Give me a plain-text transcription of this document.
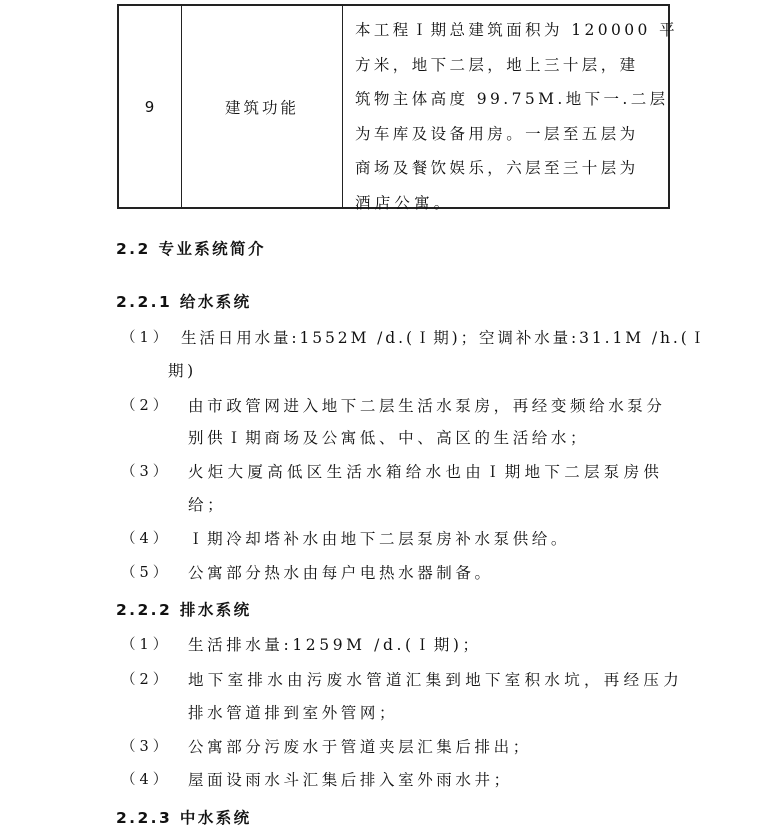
9	建筑功能
本工程Ｉ期总建筑面积为 120000 平
方米，地下二层，地上三十层，建
筑物主体高度 99.75M.地下一.二层
为车库及设备用房。一层至五层为
商场及餐饮娱乐，六层至三十层为
酒店公寓。
2.2 专业系统简介
2.2.1 给水系统
（1） 生活日用水量:1552M /d.(Ｉ期)；空调补水量:31.1M /h.(Ｉ
期)
（2） 由市政管网进入地下二层生活水泵房，再经变频给水泵分
别供Ｉ期商场及公寓低、中、高区的生活给水；
（3） 火炬大厦高低区生活水箱给水也由Ｉ期地下二层泵房供
给；
（4） Ｉ期冷却塔补水由地下二层泵房补水泵供给。
（5） 公寓部分热水由每户电热水器制备。
2.2.2 排水系统
（1） 生活排水量:1259M /d.(Ｉ期)；
（2） 地下室排水由污废水管道汇集到地下室积水坑，再经压力
排水管道排到室外管网；
（3） 公寓部分污废水于管道夹层汇集后排出；
（4） 屋面设雨水斗汇集后排入室外雨水井；
2.2.3 中水系统
